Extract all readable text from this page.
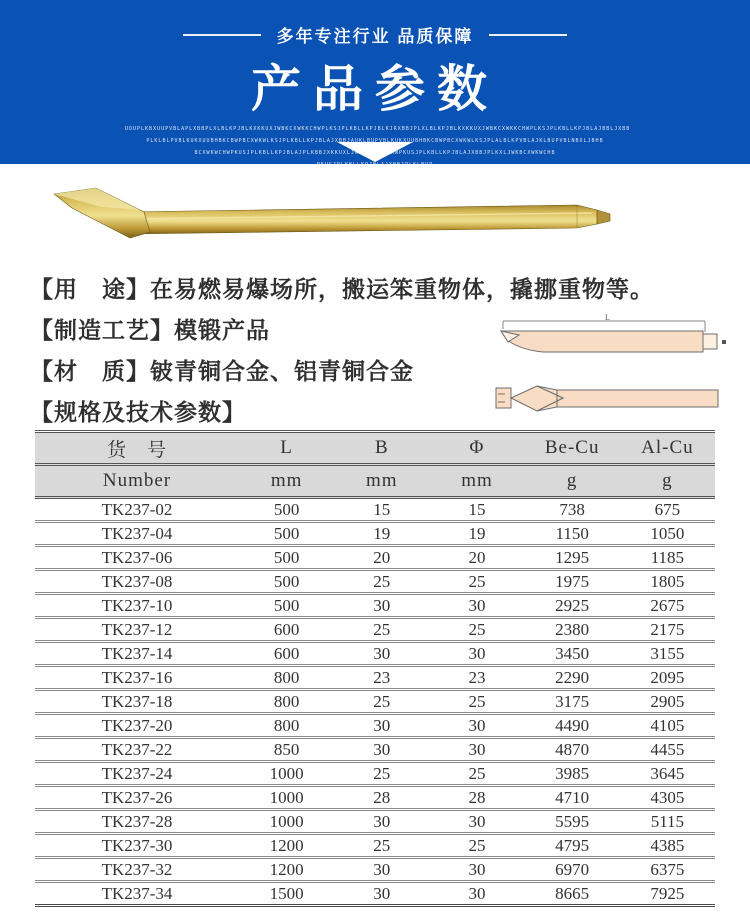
多年专注行业 品质保障
产品参数
UOUPLKBXUUPVBLAPLXBBPLXLBLKPJBLKXKKUXJWBKCXWKKCHWPLKSJPLKBLLKPJBLKJRXBBJPLXLBLKPJBLKXKKUXJWBKCXWKKCHWPLKSJPLKBLLKPJBLAJBBLJXBB
PLKLBLPVBLKUKXUUBHBKCBWPBCXWKWLKSJPLKBLLKPJBLAJXBBJAUKLBUPVBLKUKXUUBHBKCBWPBCXWKWLKSJPLALBLKPVBLAJKLBUPVBLNBXLJBHB
BCXWKWCHWPKUSJPLKBLLKPJBLAJPLKBBJXKKUXLJWKBCXWKWCHWPKUSJPLKBLLKPJBLAJXBBJPLKXLJWKBCXWKWCHB
PKUSJPLKBLLKPJBLAJXBBJPLKLBUP

【用　途】在易燃易爆场所，搬运笨重物体，撬挪重物等。

【制造工艺】模锻产品

【材　质】铍青铜合金、铝青铜合金

【规格及技术参数】

L
货　号	L	B	Φ	Be-Cu	Al-Cu
Number	mm	mm	mm	g	g
TK237-02	500	15	15	738	675
TK237-04	500	19	19	1150	1050
TK237-06	500	20	20	1295	1185
TK237-08	500	25	25	1975	1805
TK237-10	500	30	30	2925	2675
TK237-12	600	25	25	2380	2175
TK237-14	600	30	30	3450	3155
TK237-16	800	23	23	2290	2095
TK237-18	800	25	25	3175	2905
TK237-20	800	30	30	4490	4105
TK237-22	850	30	30	4870	4455
TK237-24	1000	25	25	3985	3645
TK237-26	1000	28	28	4710	4305
TK237-28	1000	30	30	5595	5115
TK237-30	1200	25	25	4795	4385
TK237-32	1200	30	30	6970	6375
TK237-34	1500	30	30	8665	7925
